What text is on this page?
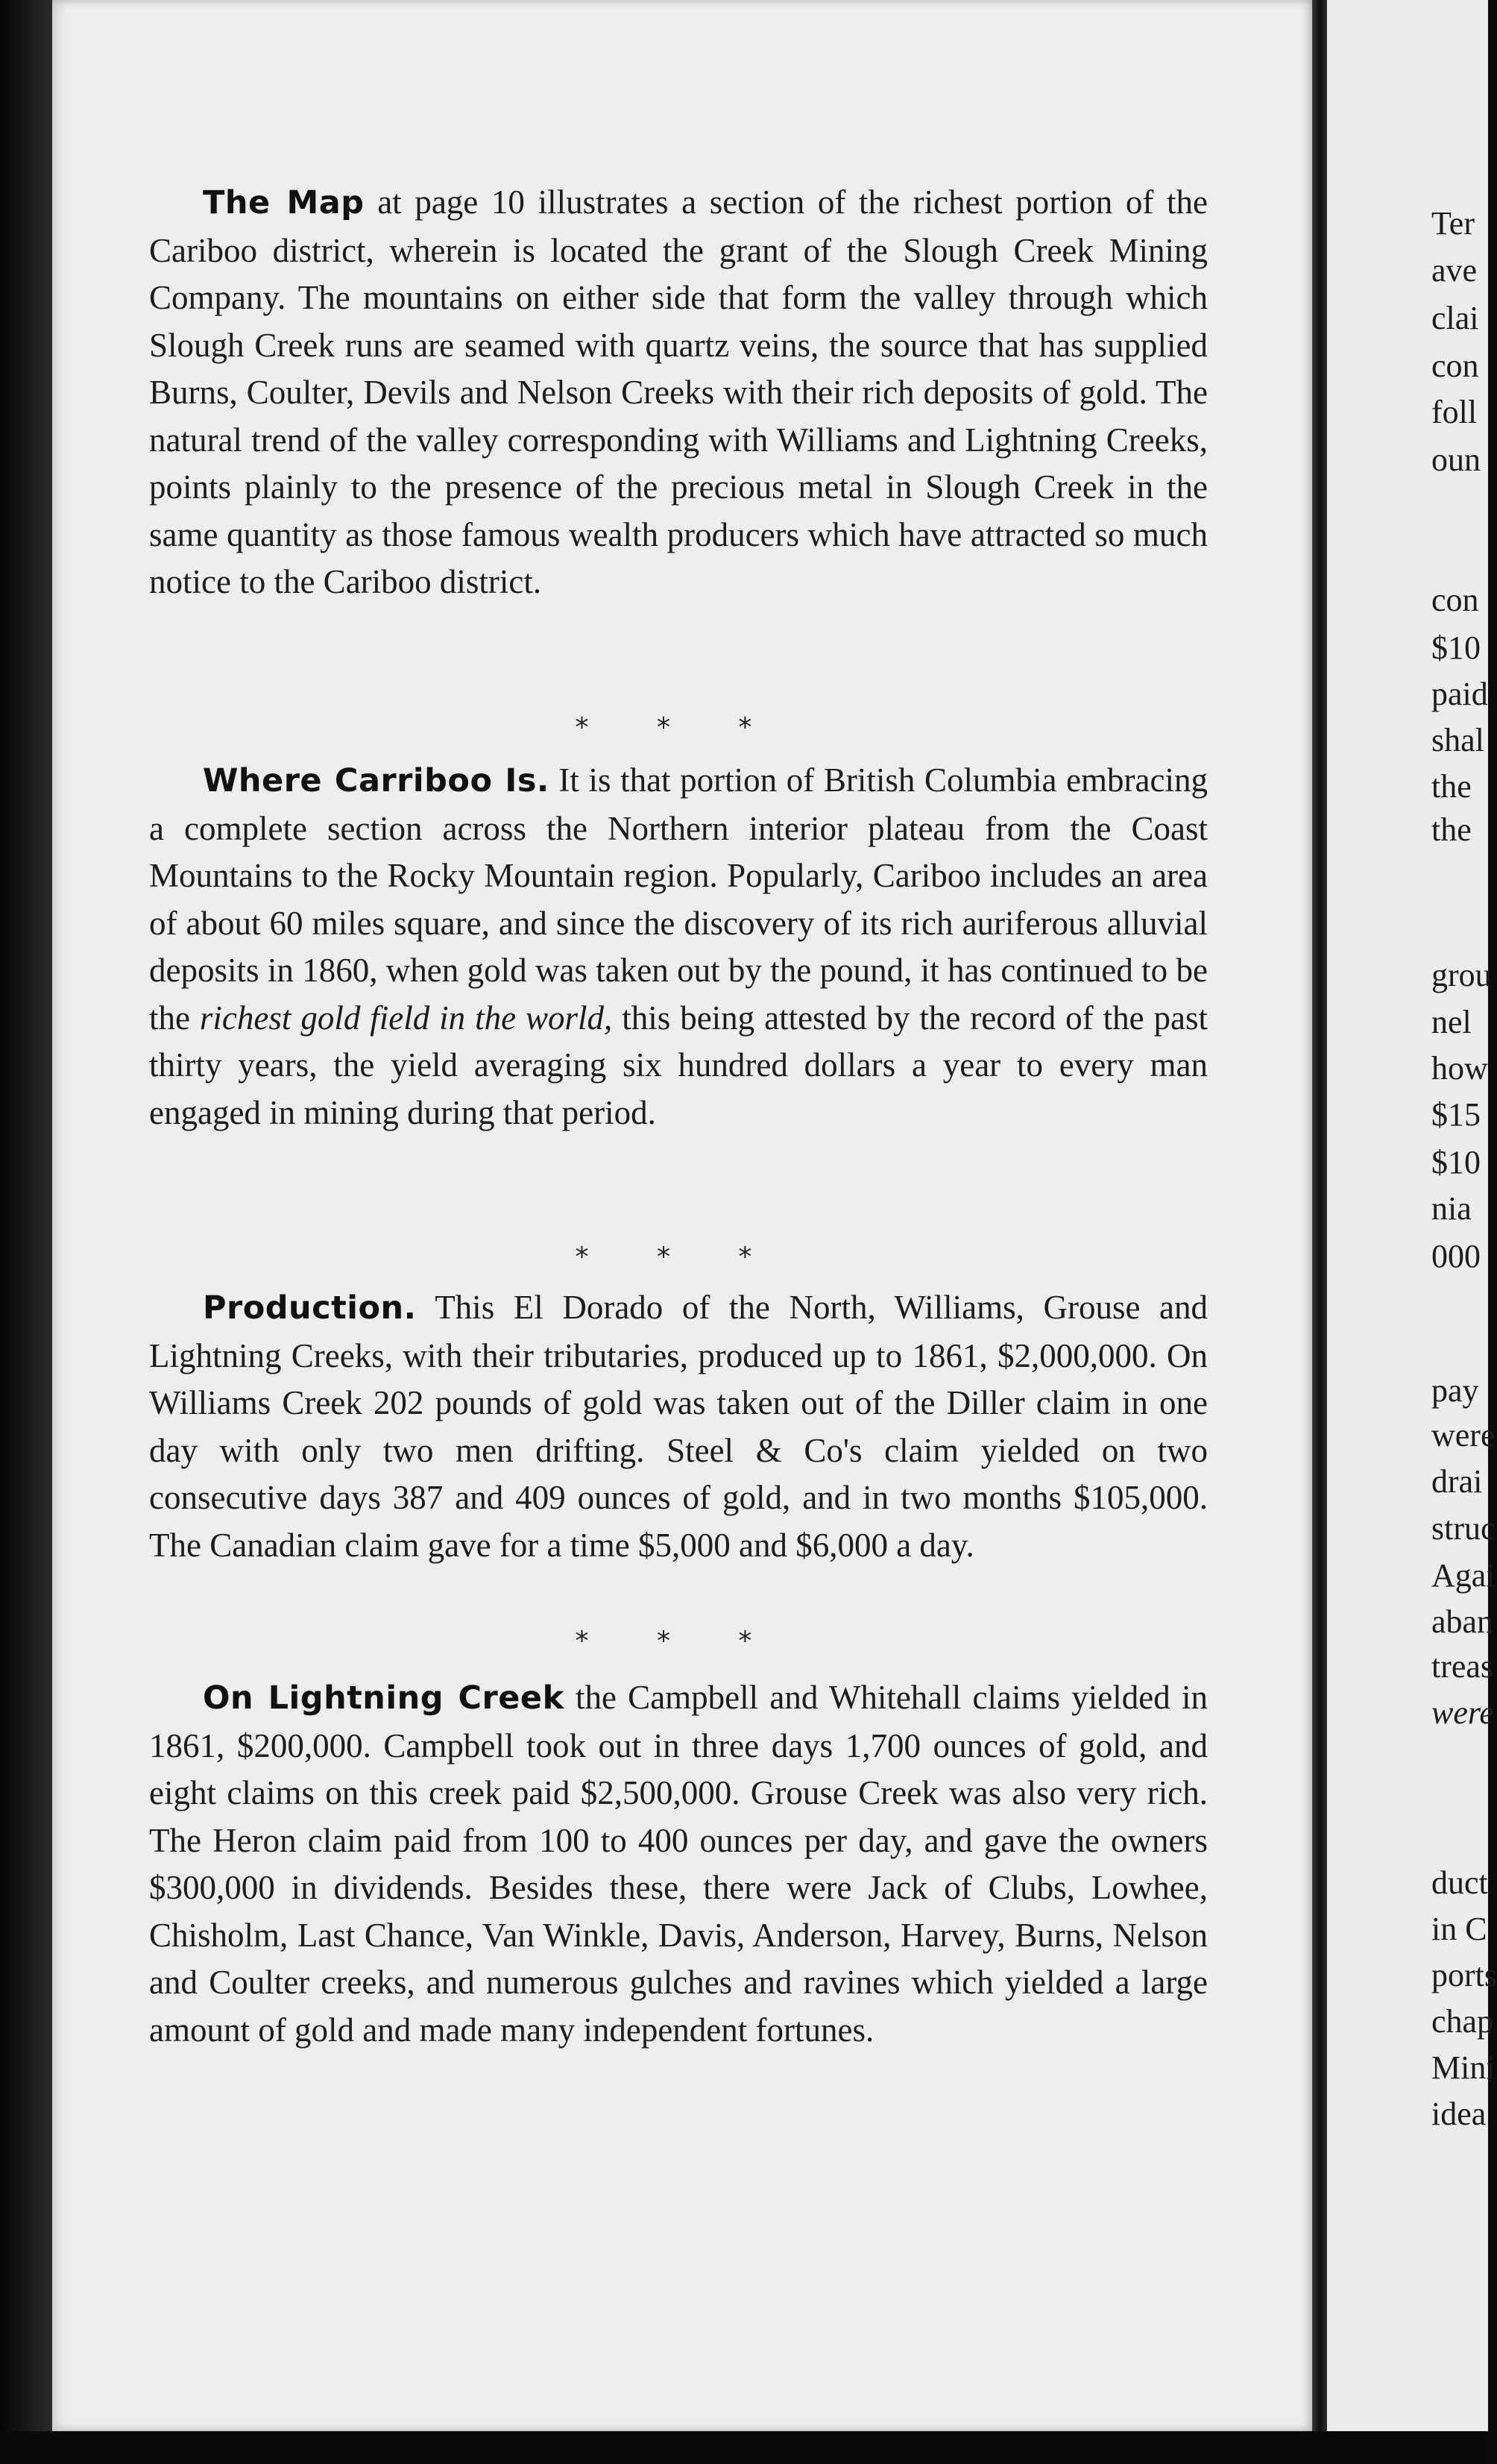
The Map at page 10 illustrates a section of the richest portion of the Cariboo district, wherein is located the grant of the Slough Creek Mining Company. The mountains on either side that form the valley through which Slough Creek runs are seamed with quartz veins, the source that has supplied Burns, Coulter, Devils and Nelson Creeks with their rich deposits of gold. The natural trend of the valley corresponding with Williams and Lightning Creeks, points plainly to the presence of the precious metal in Slough Creek in the same quantity as those famous wealth producers which have attracted so much notice to the Cariboo district.
* * *
Where Carriboo Is. It is that portion of British Columbia embracing a complete section across the Northern interior plateau from the Coast Mountains to the Rocky Mountain region. Popularly, Cariboo includes an area of about 60 miles square, and since the discovery of its rich auriferous alluvial deposits in 1860, when gold was taken out by the pound, it has continued to be the richest gold field in the world, this being attested by the record of the past thirty years, the yield averaging six hundred dollars a year to every man engaged in mining during that period.
* * *
Production. This El Dorado of the North, Williams, Grouse and Lightning Creeks, with their tributaries, produced up to 1861, $2,000,000. On Williams Creek 202 pounds of gold was taken out of the Diller claim in one day with only two men drifting. Steel & Co's claim yielded on two consecutive days 387 and 409 ounces of gold, and in two months $105,000. The Canadian claim gave for a time $5,000 and $6,000 a day.
* * *
On Lightning Creek the Campbell and Whitehall claims yielded in 1861, $200,000. Campbell took out in three days 1,700 ounces of gold, and eight claims on this creek paid $2,500,000. Grouse Creek was also very rich. The Heron claim paid from 100 to 400 ounces per day, and gave the owners $300,000 in dividends. Besides these, there were Jack of Clubs, Lowhee, Chisholm, Last Chance, Van Winkle, Davis, Anderson, Harvey, Burns, Nelson and Coulter creeks, and numerous gulches and ravines which yielded a large amount of gold and made many independent fortunes.
Ter
ave
clai
con
foll
oun
con
$10
paid
shal
the
the
grou
nel
how
$15
$10
nia
000
pay
were
drai
struc
Agai
aban
treas
were
duct
in C
ports
chap
Mini
idea
